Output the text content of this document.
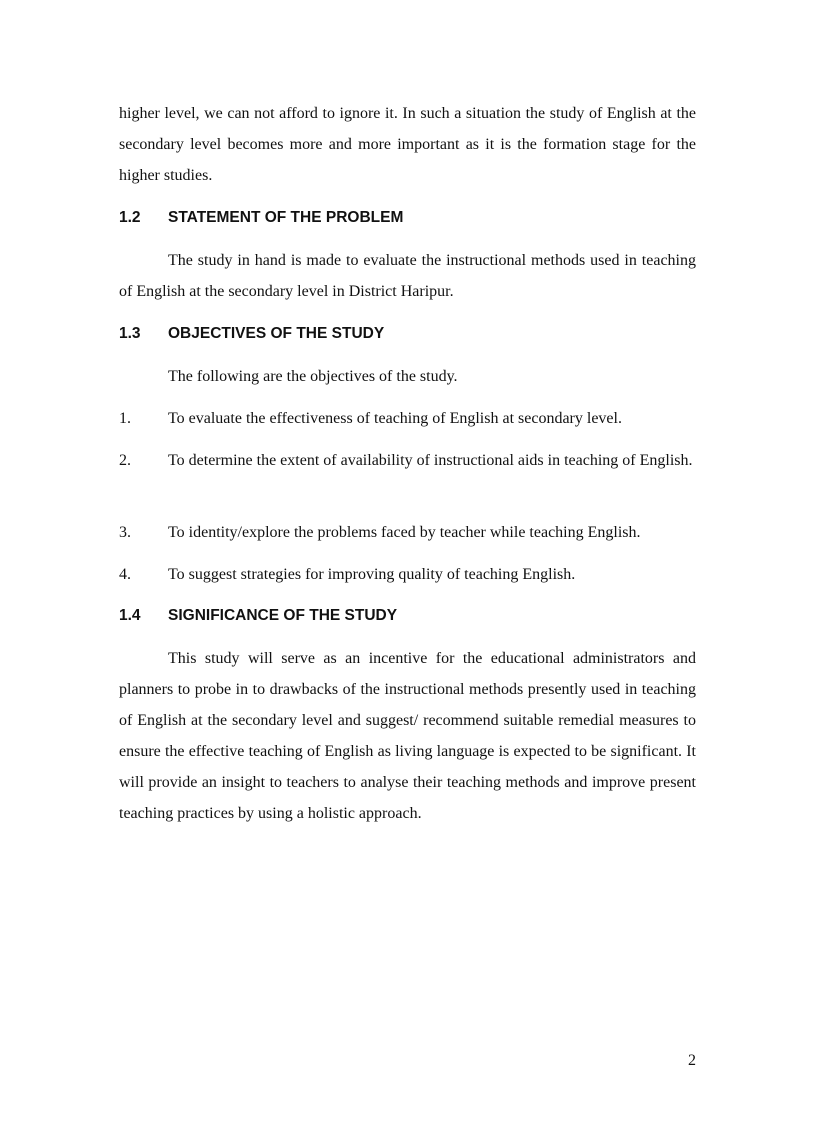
higher level, we can not afford to ignore it. In such a situation the study of English at the secondary level becomes more and more important as it is the formation stage for the higher studies.

1.2 STATEMENT OF THE PROBLEM

The study in hand is made to evaluate the instructional methods used in teaching of English at the secondary level in District Haripur.

1.3 OBJECTIVES OF THE STUDY

The following are the objectives of the study.

1. To evaluate the effectiveness of teaching of English at secondary level.
2. To determine the extent of availability of instructional aids in teaching of English.
3. To identity/explore the problems faced by teacher while teaching English.
4. To suggest strategies for improving quality of teaching English.
1.4 SIGNIFICANCE OF THE STUDY

This study will serve as an incentive for the educational administrators and planners to probe in to drawbacks of the instructional methods presently used in teaching of English at the secondary level and suggest/ recommend suitable remedial measures to ensure the effective teaching of English as living language is expected to be significant. It will provide an insight to teachers to analyse their teaching methods and improve present teaching practices by using a holistic approach.

2
